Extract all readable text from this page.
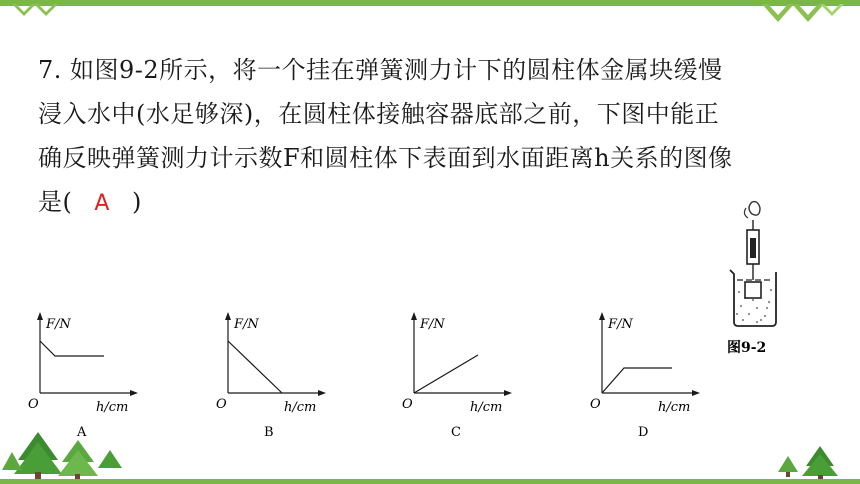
7. 如图9-2所示，将一个挂在弹簧测力计下的圆柱体金属块缓慢
浸入水中(水足够深)，在圆柱体接触容器底部之前，下图中能正
确反映弹簧测力计示数F和圆柱体下表面到水面距离h关系的图像
是( A )
F/N
O	h/cm
A
F/N
O	h/cm
B
F/N
O	h/cm
C
F/N
O	h/cm
D
图9-2
